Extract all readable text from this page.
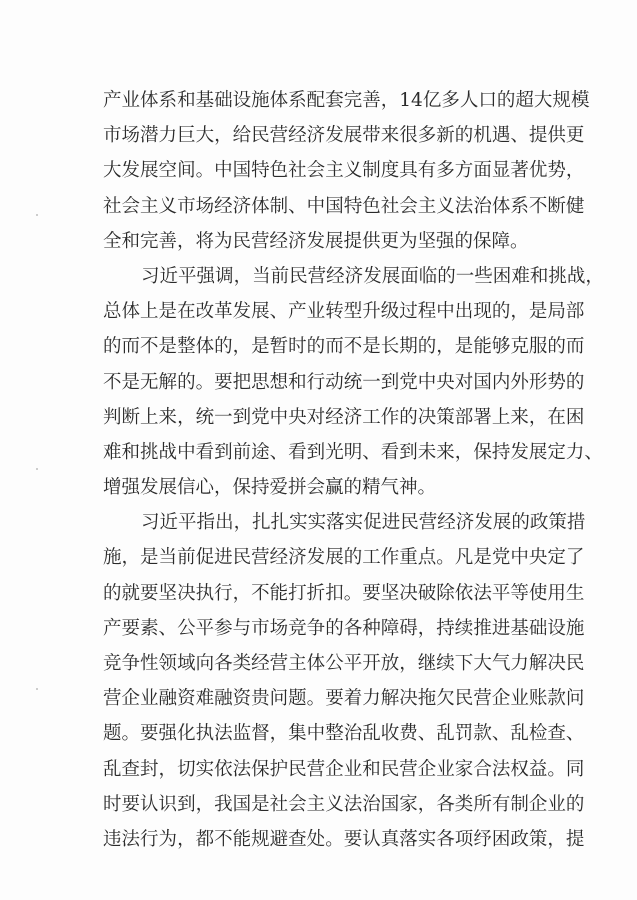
产 业 体 系 和 基 础 设 施 体 系 配 套 完 善 ， 1 4 亿 多 人 口 的 超 大 规 模
市 场 潜 力 巨 大 ， 给 民 营 经 济 发 展 带 来 很 多 新 的 机 遇 、 提 供 更
大 发 展 空 间 。 中 国 特 色 社 会 主 义 制 度 具 有 多 方 面 显 著 优 势 ，
社 会 主 义 市 场 经 济 体 制 、 中 国 特 色 社 会 主 义 法 治 体 系 不 断 健
全和完善，将为民营经济发展提供更为坚强的保障。
习 近 平 强 调 ， 当 前 民 营 经 济 发 展 面 临 的 一 些 困 难 和 挑 战 ，
总 体 上 是 在 改 革 发 展 、 产 业 转 型 升 级 过 程 中 出 现 的 ， 是 局 部
的 而 不 是 整 体 的 ， 是 暂 时 的 而 不 是 长 期 的 ， 是 能 够 克 服 的 而
不 是 无 解 的 。 要 把 思 想 和 行 动 统 一 到 党 中 央 对 国 内 外 形 势 的
判 断 上 来 ， 统 一 到 党 中 央 对 经 济 工 作 的 决 策 部 署 上 来 ， 在 困
难 和 挑 战 中 看 到 前 途 、 看 到 光 明 、 看 到 未 来 ， 保 持 发 展 定 力 、
增强发展信心，保持爱拼会赢的精气神。
习 近 平 指 出 ， 扎 扎 实 实 落 实 促 进 民 营 经 济 发 展 的 政 策 措
施 ， 是 当 前 促 进 民 营 经 济 发 展 的 工 作 重 点 。 凡 是 党 中 央 定 了
的 就 要 坚 决 执 行 ， 不 能 打 折 扣 。 要 坚 决 破 除 依 法 平 等 使 用 生
产 要 素 、 公 平 参 与 市 场 竞 争 的 各 种 障 碍 ， 持 续 推 进 基 础 设 施
竞 争 性 领 域 向 各 类 经 营 主 体 公 平 开 放 ， 继 续 下 大 气 力 解 决 民
营 企 业 融 资 难 融 资 贵 问 题 。 要 着 力 解 决 拖 欠 民 营 企 业 账 款 问
题 。 要 强 化 执 法 监 督 ， 集 中 整 治 乱 收 费 、 乱 罚 款 、 乱 检 查 、
乱 查 封 ， 切 实 依 法 保 护 民 营 企 业 和 民 营 企 业 家 合 法 权 益 。 同
时 要 认 识 到 ， 我 国 是 社 会 主 义 法 治 国 家 ， 各 类 所 有 制 企 业 的
违 法 行 为 ， 都 不 能 规 避 查 处 。 要 认 真 落 实 各 项 纾 困 政 策 ， 提
